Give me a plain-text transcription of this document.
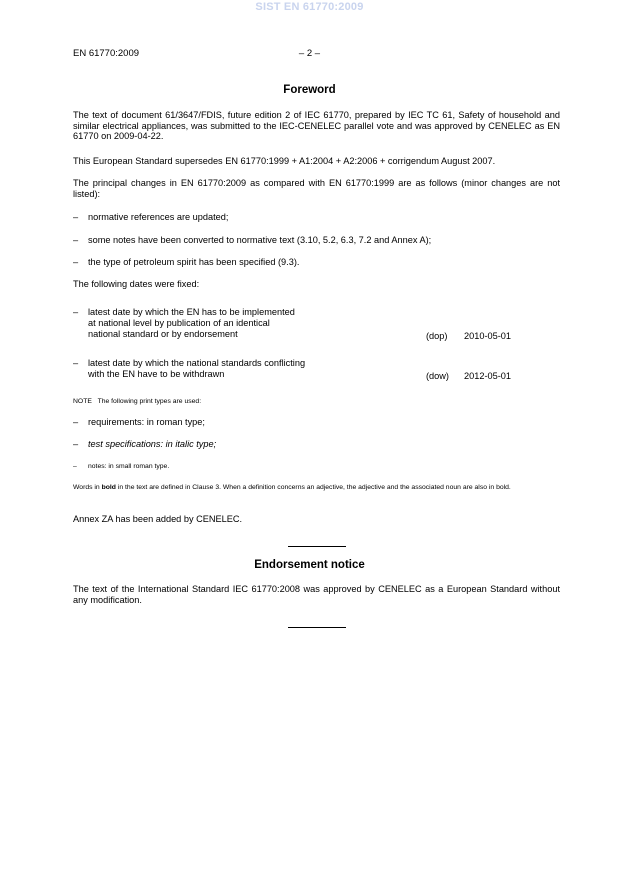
SIST EN 61770:2009
EN 61770:2009	– 2 –
Foreword
The text of document 61/3647/FDIS, future edition 2 of IEC 61770, prepared by IEC TC 61, Safety of household and similar electrical appliances, was submitted to the IEC-CENELEC parallel vote and was approved by CENELEC as EN 61770 on 2009-04-22.
This European Standard supersedes EN 61770:1999 + A1:2004 + A2:2006 + corrigendum August 2007.
The principal changes in EN 61770:2009 as compared with EN 61770:1999 are as follows (minor changes are not listed):
– normative references are updated;
– some notes have been converted to normative text (3.10, 5.2, 6.3, 7.2 and Annex A);
– the type of petroleum spirit has been specified (9.3).
The following dates were fixed:
– latest date by which the EN has to be implemented
at national level by publication of an identical
national standard or by endorsement	(dop) 2010-05-01
– latest date by which the national standards conflicting
with the EN have to be withdrawn	(dow) 2012-05-01
NOTE The following print types are used:
– requirements: in roman type;
– test specifications: in italic type;
– notes: in small roman type.
Words in bold in the text are defined in Clause 3. When a definition concerns an adjective, the adjective and the associated noun are also in bold.
Annex ZA has been added by CENELEC.
Endorsement notice
The text of the International Standard IEC 61770:2008 was approved by CENELEC as a European Standard without any modification.
